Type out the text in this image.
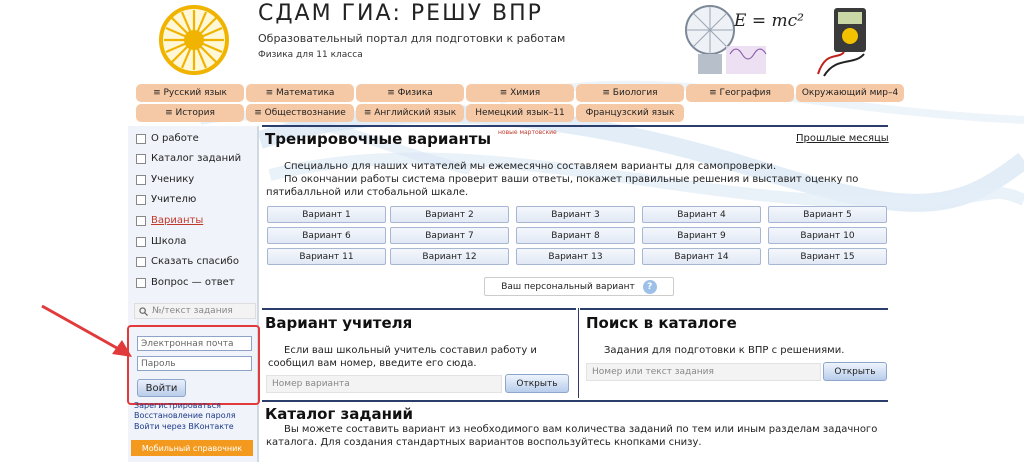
СДАМ ГИА: РЕШУ ВПР
Образовательный портал для подготовки к работам
Физика для 11 класса
E = mc²
≡ Русский язык	≡ Математика	≡ Физика	≡ Химия	≡ Биология	≡ География	Окружающий мир–4
≡ История	≡ Обществознание	≡ Английский язык	Немецкий язык–11	Французский язык
О работе
Каталог заданий
Ученику
Учителю
Варианты
Школа
Сказать спасибо
Вопрос — ответ
№/текст задания
Электронная почта
Пароль
Войти
Зарегистрироваться
Восстановление пароля
Войти через ВКонтакте
Мобильный справочник
Тренировочные варианты новые мартовские
Прошлые месяцы
Специально для наших читателей мы ежемесячно составляем варианты для самопроверки.
По окончании работы система проверит ваши ответы, покажет правильные решения и выставит оценку по пятибалльной или стобальной шкале.
Вариант 1	Вариант 2	Вариант 3	Вариант 4	Вариант 5
Вариант 6	Вариант 7	Вариант 8	Вариант 9	Вариант 10
Вариант 11	Вариант 12	Вариант 13	Вариант 14	Вариант 15
Ваш персональный вариант	?
Вариант учителя
Если ваш школьный учитель составил работу и сообщил вам номер, введите его сюда.
Номер варианта	Открыть
Поиск в каталоге
Задания для подготовки к ВПР с решениями.
Номер или текст задания	Открыть
Каталог заданий
Вы можете составить вариант из необходимого вам количества заданий по тем или иным разделам задачного каталога. Для создания стандартных вариантов воспользуйтесь кнопками снизу.
